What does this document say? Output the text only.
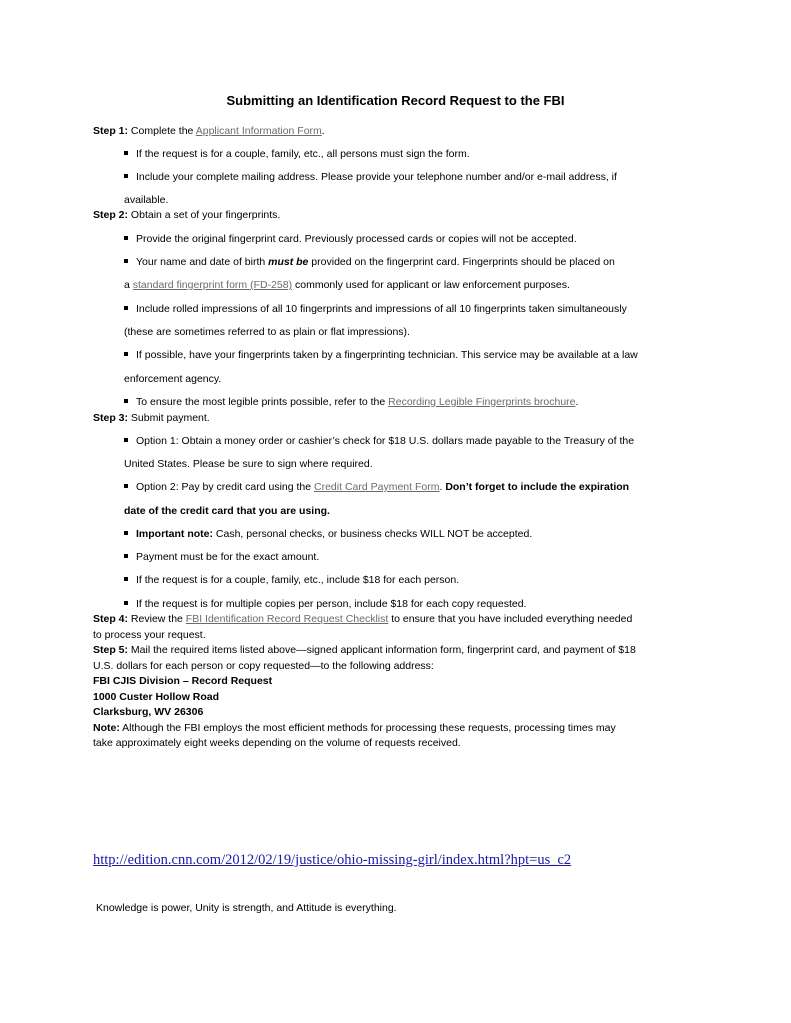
Submitting an Identification Record Request to the FBI

Step 1: Complete the Applicant Information Form.

If the request is for a couple, family, etc., all persons must sign the form.

Include your complete mailing address. Please provide your telephone number and/or e-mail address, if

available.

Step 2: Obtain a set of your fingerprints.

Provide the original fingerprint card. Previously processed cards or copies will not be accepted.

Your name and date of birth must be provided on the fingerprint card. Fingerprints should be placed on

a standard fingerprint form (FD-258) commonly used for applicant or law enforcement purposes.

Include rolled impressions of all 10 fingerprints and impressions of all 10 fingerprints taken simultaneously

(these are sometimes referred to as plain or flat impressions).

If possible, have your fingerprints taken by a fingerprinting technician. This service may be available at a law

enforcement agency.

To ensure the most legible prints possible, refer to the Recording Legible Fingerprints brochure.

Step 3: Submit payment.

Option 1: Obtain a money order or cashier’s check for $18 U.S. dollars made payable to the Treasury of the

United States. Please be sure to sign where required.

Option 2: Pay by credit card using the Credit Card Payment Form. Don’t forget to include the expiration

date of the credit card that you are using.

Important note: Cash, personal checks, or business checks WILL NOT be accepted.

Payment must be for the exact amount.

If the request is for a couple, family, etc., include $18 for each person.

If the request is for multiple copies per person, include $18 for each copy requested.

Step 4: Review the FBI Identification Record Request Checklist to ensure that you have included everything needed

to process your request.

Step 5: Mail the required items listed above—signed applicant information form, fingerprint card, and payment of $18

U.S. dollars for each person or copy requested—to the following address:

FBI CJIS Division – Record Request

1000 Custer Hollow Road

Clarksburg, WV 26306

Note: Although the FBI employs the most efficient methods for processing these requests, processing times may

take approximately eight weeks depending on the volume of requests received.

http://edition.cnn.com/2012/02/19/justice/ohio-missing-girl/index.html?hpt=us_c2

Knowledge is power, Unity is strength, and Attitude is everything.
